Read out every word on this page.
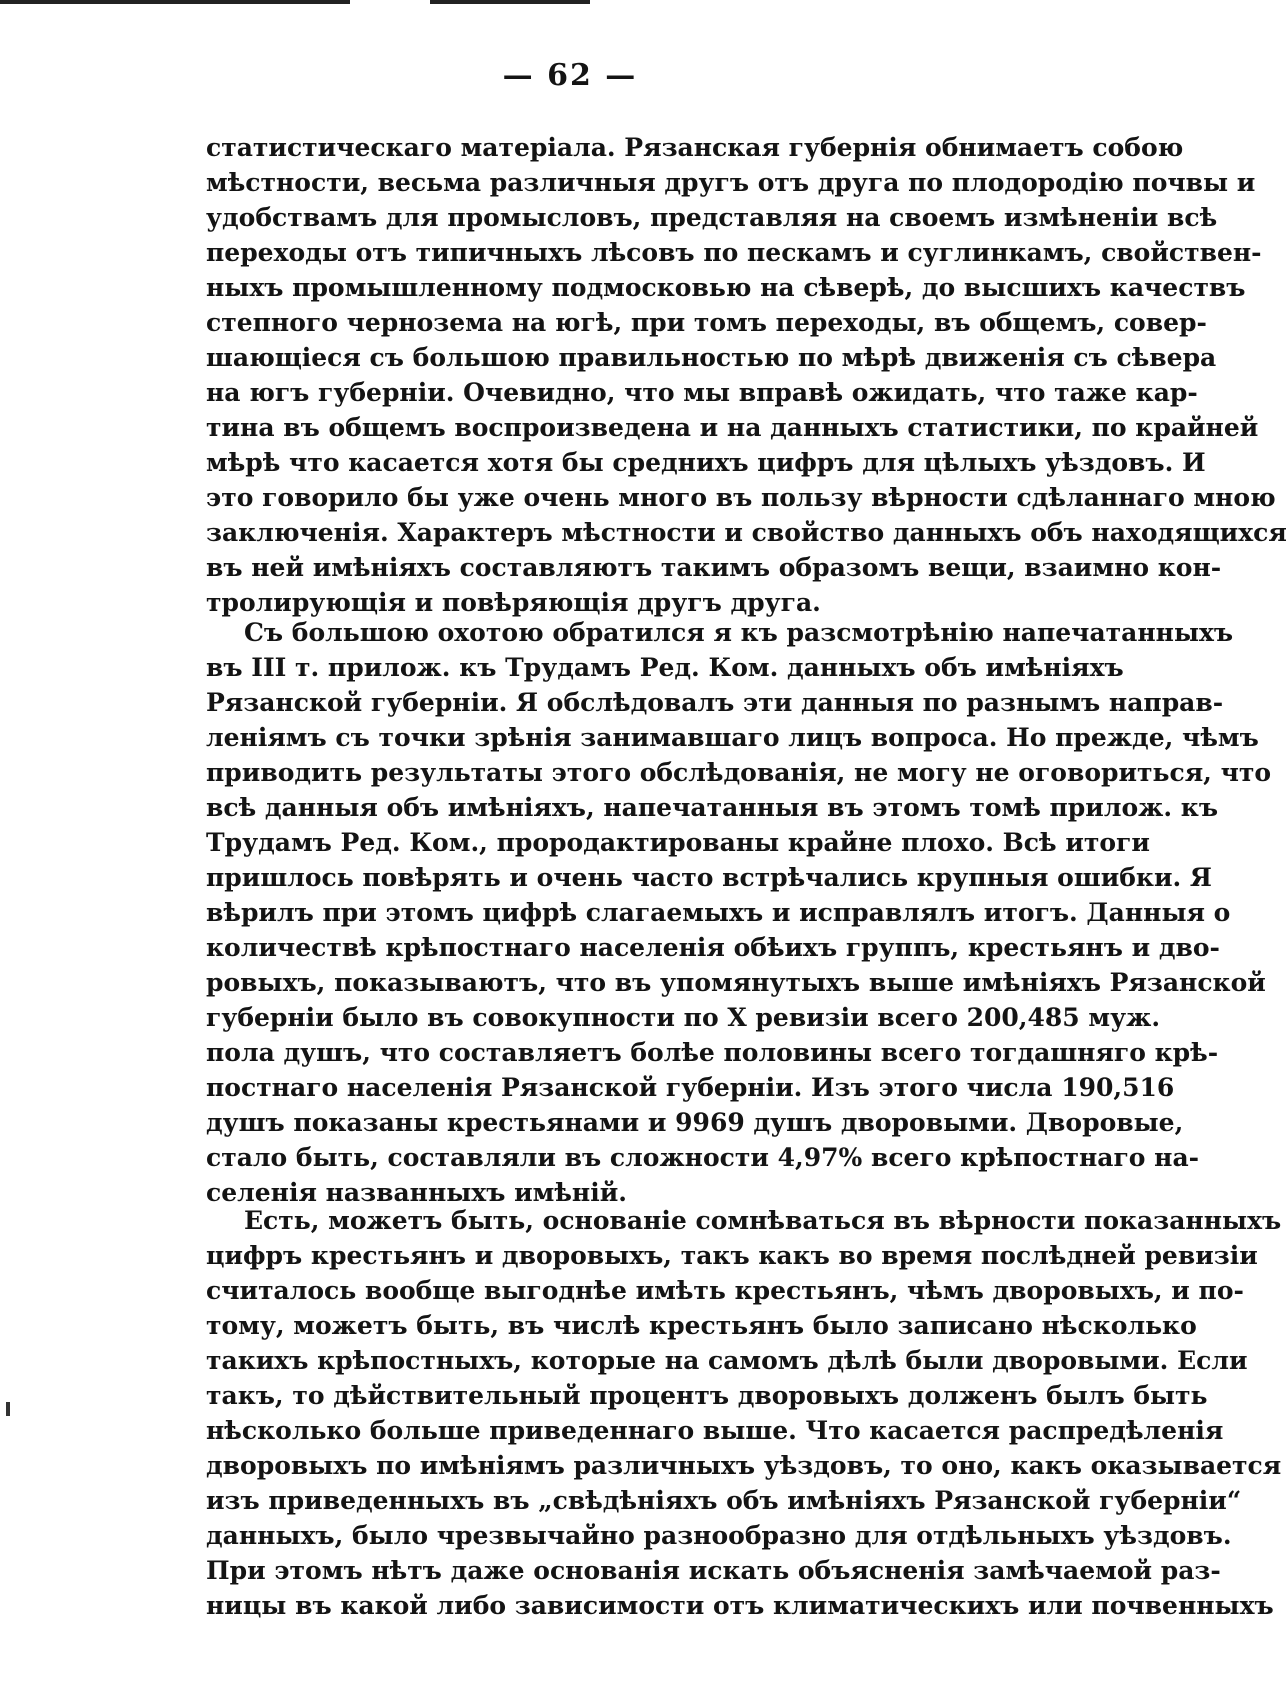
— 62 —
статистическаго матеріала. Рязанская губернія обнимаетъ собою
мѣстности, весьма различныя другъ отъ друга по плодородію почвы и
удобствамъ для промысловъ, представляя на своемъ измѣненіи всѣ
переходы отъ типичныхъ лѣсовъ по пескамъ и суглинкамъ, свойствен-
ныхъ промышленному подмосковью на сѣверѣ, до высшихъ качествъ
степного чернозема на югѣ, при томъ переходы, въ общемъ, совер-
шающіеся съ большою правильностью по мѣрѣ движенія съ сѣвера
на югъ губерніи. Очевидно, что мы вправѣ ожидать, что таже кар-
тина въ общемъ воспроизведена и на данныхъ статистики, по крайней
мѣрѣ что касается хотя бы среднихъ цифръ для цѣлыхъ уѣздовъ. И
это говорило бы уже очень много въ пользу вѣрности сдѣланнаго мною
заключенія. Характеръ мѣстности и свойство данныхъ объ находящихся
въ ней имѣніяхъ составляютъ такимъ образомъ вещи, взаимно кон-
тролирующія и повѣряющія другъ друга.
Съ большою охотою обратился я къ разсмотрѣнію напечатанныхъ
въ III т. прилож. къ Трудамъ Ред. Ком. данныхъ объ имѣніяхъ
Рязанской губерніи. Я обслѣдовалъ эти данныя по разнымъ направ-
леніямъ съ точки зрѣнія занимавшаго лицъ вопроса. Но прежде, чѣмъ
приводить результаты этого обслѣдованія, не могу не оговориться, что
всѣ данныя объ имѣніяхъ, напечатанныя въ этомъ томѣ прилож. къ
Трудамъ Ред. Ком., прородактированы крайне плохо. Всѣ итоги
пришлось повѣрять и очень часто встрѣчались крупныя ошибки. Я
вѣрилъ при этомъ цифрѣ слагаемыхъ и исправлялъ итогъ. Данныя о
количествѣ крѣпостнаго населенія обѣихъ группъ, крестьянъ и дво-
ровыхъ, показываютъ, что въ упомянутыхъ выше имѣніяхъ Рязанской
губерніи было въ совокупности по X ревизіи всего 200,485 муж.
пола душъ, что составляетъ болѣе половины всего тогдашняго крѣ-
постнаго населенія Рязанской губерніи. Изъ этого числа 190,516
душъ показаны крестьянами и 9969 душъ дворовыми. Дворовые,
стало быть, составляли въ сложности 4,97% всего крѣпостнаго на-
селенія названныхъ имѣній.
Есть, можетъ быть, основаніе сомнѣваться въ вѣрности показанныхъ
цифръ крестьянъ и дворовыхъ, такъ какъ во время послѣдней ревизіи
считалось вообще выгоднѣе имѣть крестьянъ, чѣмъ дворовыхъ, и по-
тому, можетъ быть, въ числѣ крестьянъ было записано нѣсколько
такихъ крѣпостныхъ, которые на самомъ дѣлѣ были дворовыми. Если
такъ, то дѣйствительный процентъ дворовыхъ долженъ былъ быть
нѣсколько больше приведеннаго выше. Что касается распредѣленія
дворовыхъ по имѣніямъ различныхъ уѣздовъ, то оно, какъ оказывается
изъ приведенныхъ въ „свѣдѣніяхъ объ имѣніяхъ Рязанской губерніи“
данныхъ, было чрезвычайно разнообразно для отдѣльныхъ уѣздовъ.
При этомъ нѣтъ даже основанія искать объясненія замѣчаемой раз-
ницы въ какой либо зависимости отъ климатическихъ или почвенныхъ
